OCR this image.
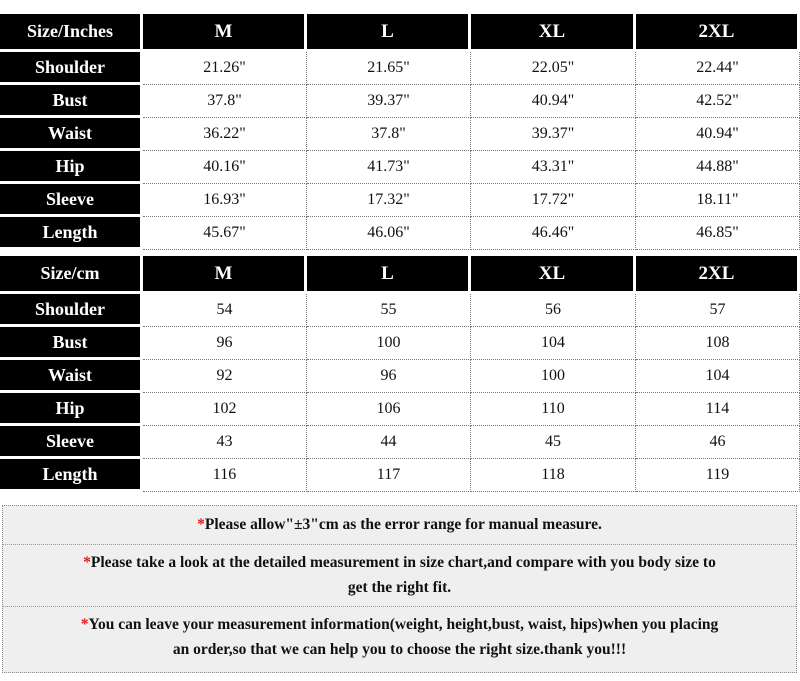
Size/Inches	M	L	XL	2XL
Shoulder	21.26"	21.65"	22.05"	22.44"
Bust	37.8"	39.37"	40.94"	42.52"
Waist	36.22"	37.8"	39.37"	40.94"
Hip	40.16"	41.73"	43.31"	44.88"
Sleeve	16.93"	17.32"	17.72"	18.11"
Length	45.67"	46.06"	46.46"	46.85"
Size/cm	M	L	XL	2XL
Shoulder	54	55	56	57
Bust	96	100	104	108
Waist	92	96	100	104
Hip	102	106	110	114
Sleeve	43	44	45	46
Length	116	117	118	119
*Please allow"±3"cm as the error range for manual measure.
*Please take a look at the detailed measurement in size chart,and compare with you body size to
get the right fit.
*You can leave your measurement information(weight, height,bust, waist, hips)when you placing
an order,so that we can help you to choose the right size.thank you!!!
